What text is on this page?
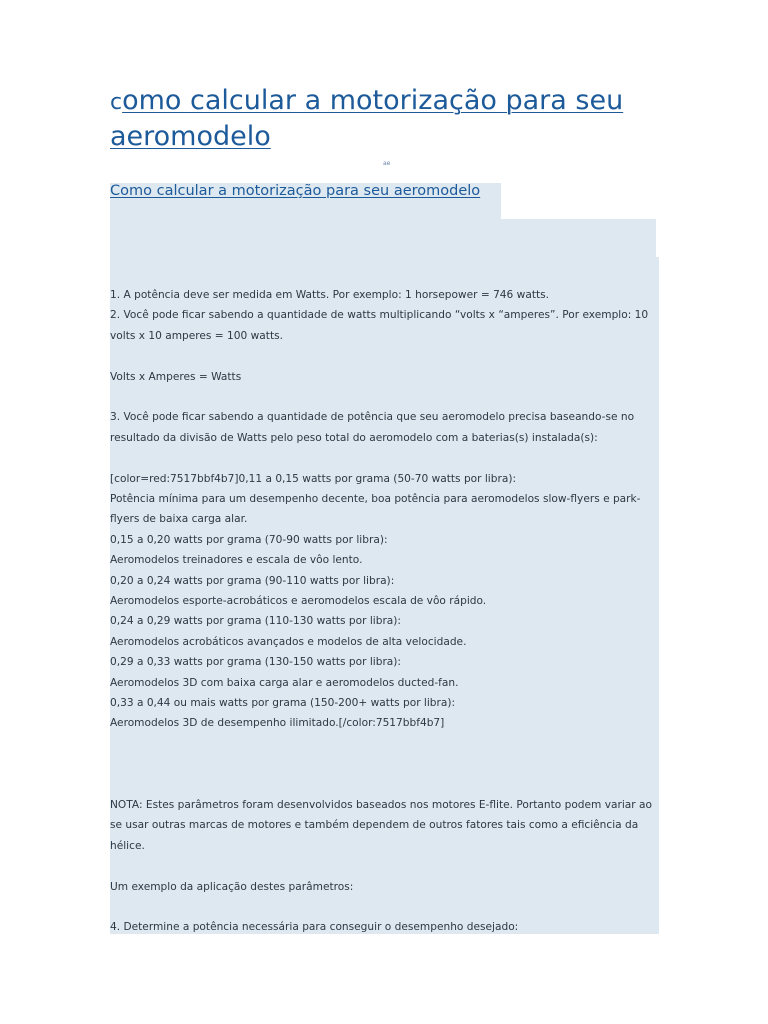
como calcular a motorização para seu aeromodelo
ae
Como calcular a motorização para seu aeromodelo

1. A potência deve ser medida em Watts. Por exemplo: 1 horsepower = 746 watts.

2. Você pode ficar sabendo a quantidade de watts multiplicando “volts x “amperes”. Por exemplo: 10 volts x 10 amperes = 100 watts.

Volts x Amperes = Watts

3. Você pode ficar sabendo a quantidade de potência que seu aeromodelo precisa baseando-se no resultado da divisão de Watts pelo peso total do aeromodelo com a baterias(s) instalada(s):

[color=red:7517bbf4b7]0,11 a 0,15 watts por grama (50-70 watts por libra):

Potência mínima para um desempenho decente, boa potência para aeromodelos slow-flyers e park-flyers de baixa carga alar.

0,15 a 0,20 watts por grama (70-90 watts por libra):

Aeromodelos treinadores e escala de vôo lento.

0,20 a 0,24 watts por grama (90-110 watts por libra):

Aeromodelos esporte-acrobáticos e aeromodelos escala de vôo rápido.

0,24 a 0,29 watts por grama (110-130 watts por libra):

Aeromodelos acrobáticos avançados e modelos de alta velocidade.

0,29 a 0,33 watts por grama (130-150 watts por libra):

Aeromodelos 3D com baixa carga alar e aeromodelos ducted-fan.

0,33 a 0,44 ou mais watts por grama (150-200+ watts por libra):

Aeromodelos 3D de desempenho ilimitado.[/color:7517bbf4b7]

NOTA: Estes parâmetros foram desenvolvidos baseados nos motores E-flite. Portanto podem variar ao se usar outras marcas de motores e também dependem de outros fatores tais como a eficiência da hélice.

Um exemplo da aplicação destes parâmetros:

4. Determine a potência necessária para conseguir o desempenho desejado:
